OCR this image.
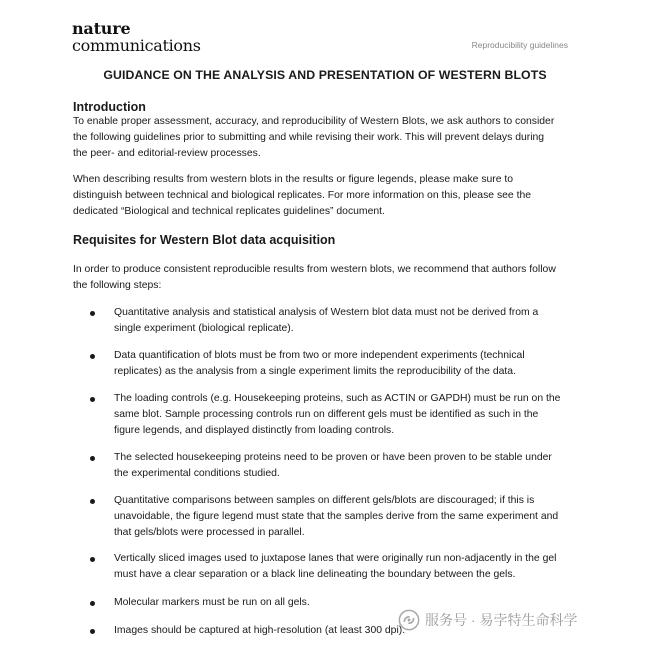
nature
communications	Reproducibility guidelines
GUIDANCE ON THE ANALYSIS AND PRESENTATION OF WESTERN BLOTS
Introduction
To enable proper assessment, accuracy, and reproducibility of Western Blots, we ask authors to consider
the following guidelines prior to submitting and while revising their work. This will prevent delays during
the peer- and editorial-review processes.
When describing results from western blots in the results or figure legends, please make sure to
distinguish between technical and biological replicates. For more information on this, please see the
dedicated “Biological and technical replicates guidelines” document.
Requisites for Western Blot data acquisition
In order to produce consistent reproducible results from western blots, we recommend that authors follow
the following steps:
Quantitative analysis and statistical analysis of Western blot data must not be derived from a
single experiment (biological replicate).
Data quantification of blots must be from two or more independent experiments (technical
replicates) as the analysis from a single experiment limits the reproducibility of the data.
The loading controls (e.g. Housekeeping proteins, such as ACTIN or GAPDH) must be run on the
same blot. Sample processing controls run on different gels must be identified as such in the
figure legends, and displayed distinctly from loading controls.
The selected housekeeping proteins need to be proven or have been proven to be stable under
the experimental conditions studied.
Quantitative comparisons between samples on different gels/blots are discouraged; if this is
unavoidable, the figure legend must state that the samples derive from the same experiment and
that gels/blots were processed in parallel.
Vertically sliced images used to juxtapose lanes that were originally run non-adjacently in the gel
must have a clear separation or a black line delineating the boundary between the gels.
Molecular markers must be run on all gels.
Images should be captured at high-resolution (at least 300 dpi).
服务号 · 易孛特生命科学
